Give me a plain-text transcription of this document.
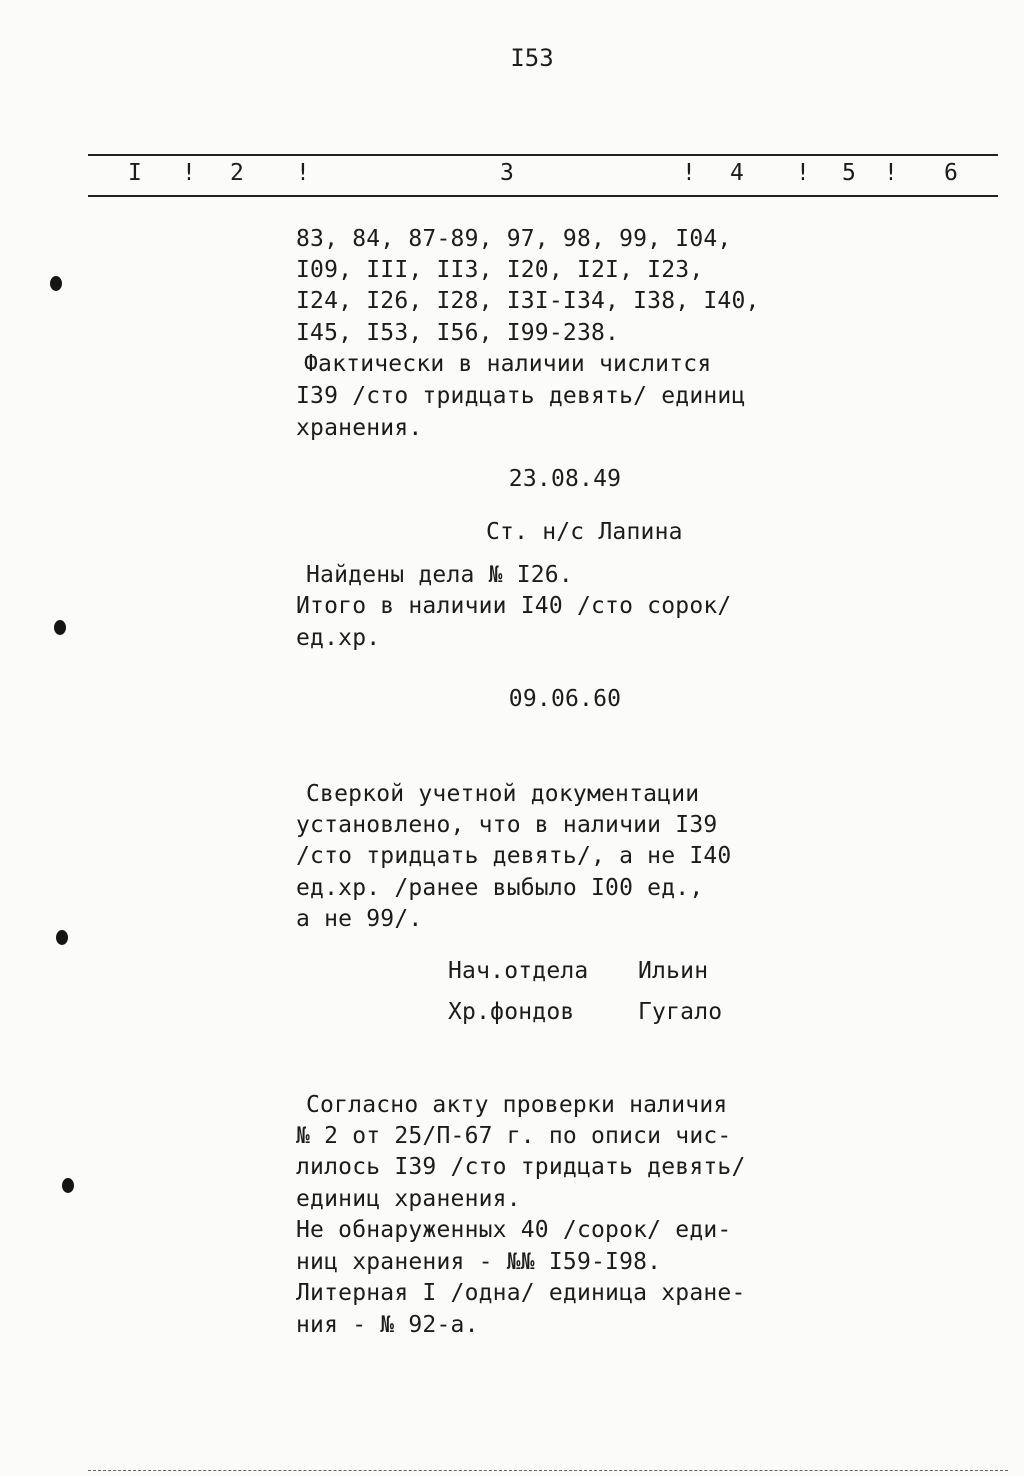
I53
I ! 2 !	3	! 4 ! 5 ! 6
83, 84, 87-89, 97, 98, 99, I04,
I09, III, II3, I20, I2I, I23,
I24, I26, I28, I3I-I34, I38, I40,
I45, I53, I56, I99-238.
Фактически в наличии числится
I39 /сто тридцать девять/ единиц
хранения.
23.08.49
Ст. н/с Лапина
Найдены дела № I26.
Итого в наличии I40 /сто сорок/
ед.хр.
09.06.60
Сверкой учетной документации
установлено, что в наличии I39
/сто тридцать девять/, а не I40
ед.хр. /ранее выбыло I00 ед.,
а не 99/.
Нач.отдела Ильин
Хр.фондов	Гугало
Согласно акту проверки наличия
№ 2 от 25/П-67 г. по описи чис-
лилось I39 /сто тридцать девять/
единиц хранения.
Не обнаруженных 40 /сорок/ еди-
ниц хранения - №№ I59-I98.
Литерная I /одна/ единица хране-
ния - № 92-а.
